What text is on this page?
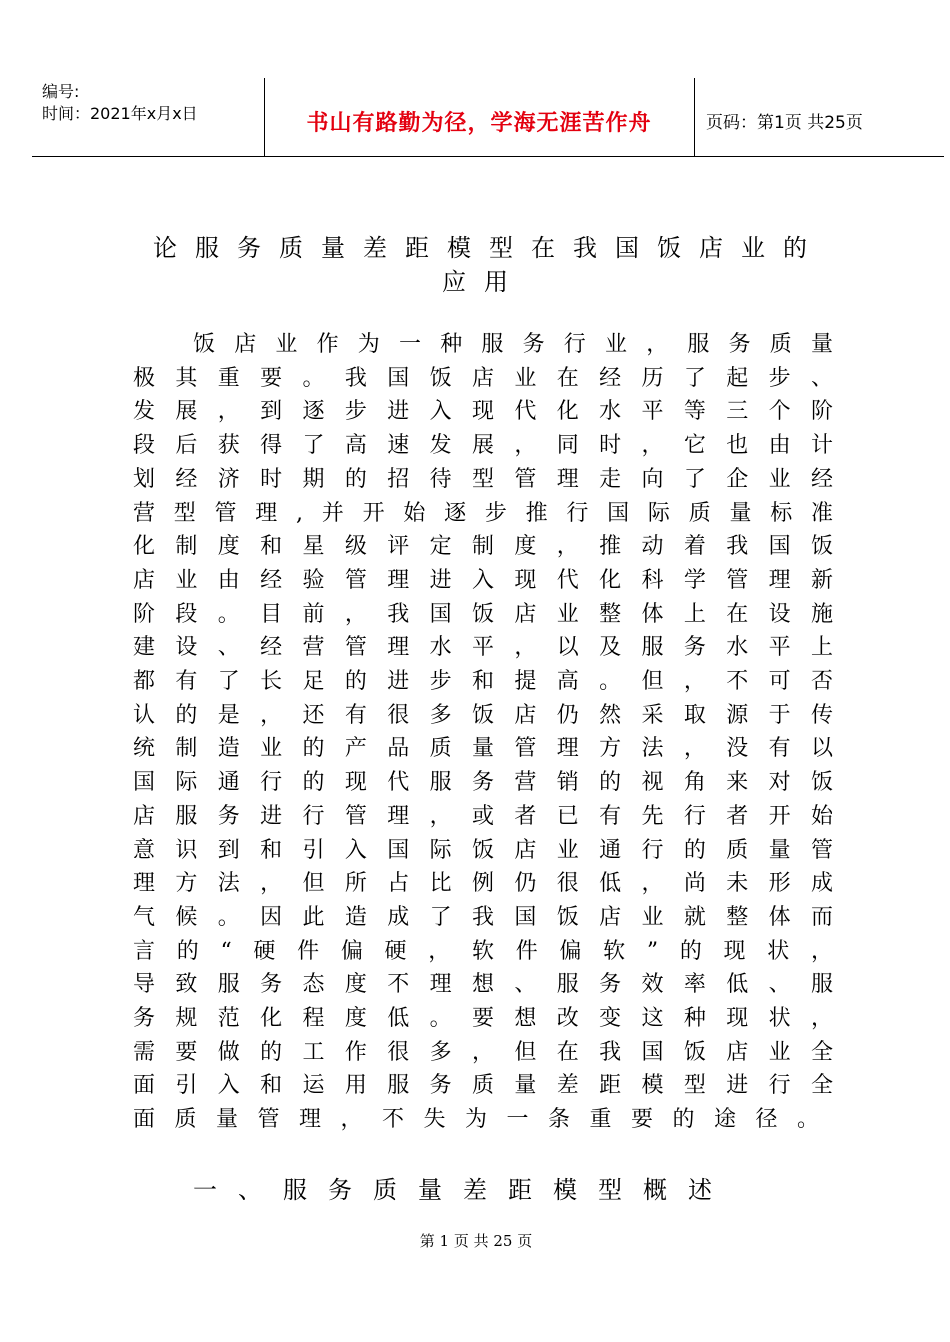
编号:
时间：2021年x月x日	书山有路勤为径，学海无涯苦作舟	页码：第1页 共25页
论服务质量差距模型在我国饭店业的
应用
饭店业作为一种服务行业，服务质量
极其重要。我国饭店业在经历了起步、
发展，到逐步进入现代化水平等三个阶
段后获得了高速发展，同时，它也由计
划经济时期的招待型管理走向了企业经
营型管理,并开始逐步推行国际质量标准
化制度和星级评定制度，推动着我国饭
店业由经验管理进入现代化科学管理新
阶段。目前，我国饭店业整体上在设施
建设、经营管理水平，以及服务水平上
都有了长足的进步和提高。但，不可否
认的是，还有很多饭店仍然采取源于传
统制造业的产品质量管理方法，没有以
国际通行的现代服务营销的视角来对饭
店服务进行管理，或者已有先行者开始
意识到和引入国际饭店业通行的质量管
理方法，但所占比例仍很低，尚未形成
气候。因此造成了我国饭店业就整体而
言的“硬件偏硬，软件偏软”的现状，
导致服务态度不理想、服务效率低、服
务规范化程度低。要想改变这种现状，
需要做的工作很多，但在我国饭店业全
面引入和运用服务质量差距模型进行全
面质量管理，不失为一条重要的途径。
一、服务质量差距模型概述
第 1 页 共 25 页
